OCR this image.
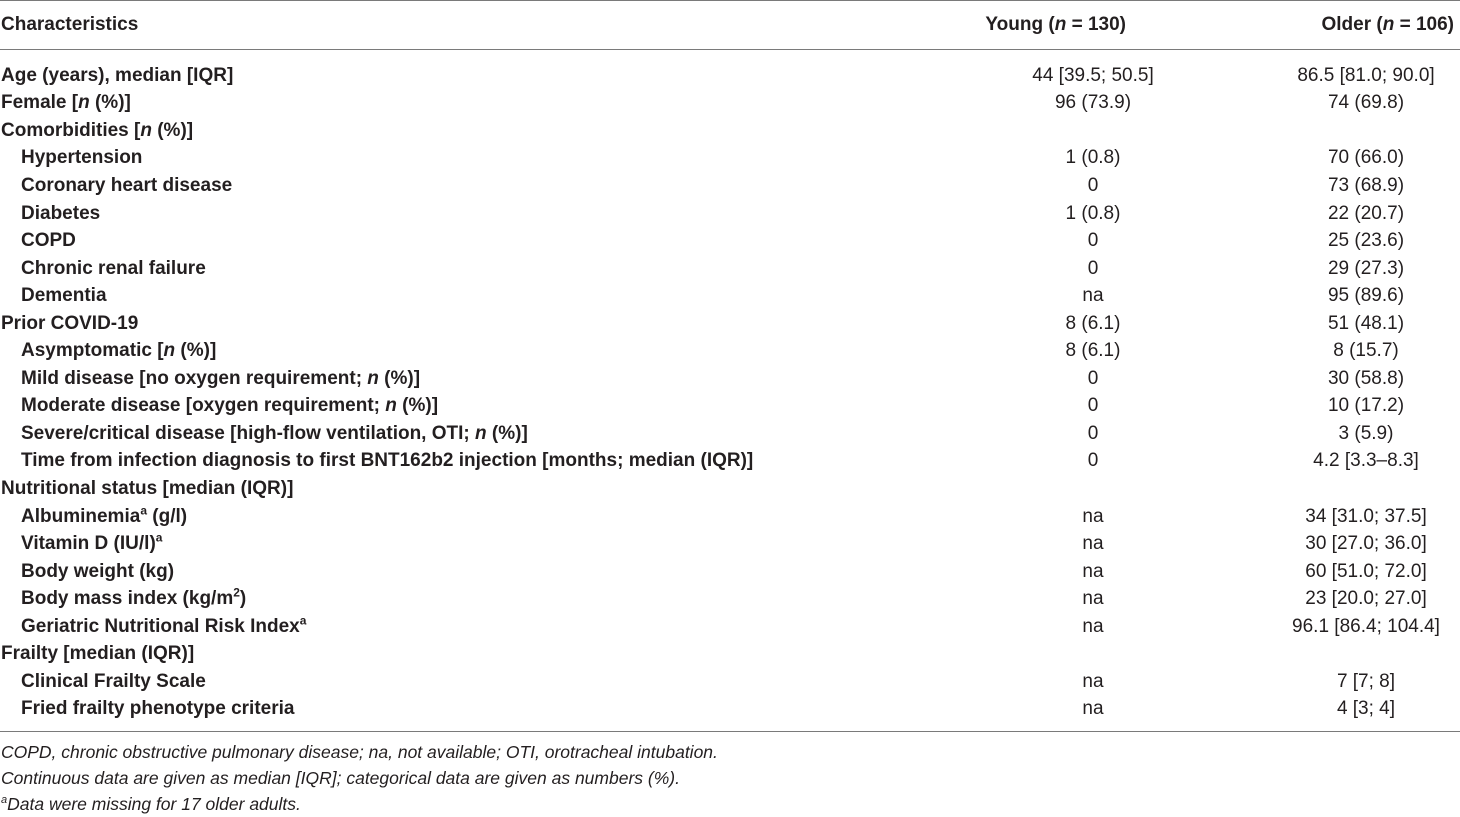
Characteristics	Young (n = 130)	Older (n = 106)

Age (years), median [IQR]	44 [39.5; 50.5]	86.5 [81.0; 90.0]
Female [n (%)]	96 (73.9)	74 (69.8)
Comorbidities [n (%)]		
Hypertension	1 (0.8)	70 (66.0)
Coronary heart disease	0	73 (68.9)
Diabetes	1 (0.8)	22 (20.7)
COPD	0	25 (23.6)
Chronic renal failure	0	29 (27.3)
Dementia	na	95 (89.6)
Prior COVID-19	8 (6.1)	51 (48.1)
Asymptomatic [n (%)]	8 (6.1)	8 (15.7)
Mild disease [no oxygen requirement; n (%)]	0	30 (58.8)
Moderate disease [oxygen requirement; n (%)]	0	10 (17.2)
Severe/critical disease [high-flow ventilation, OTI; n (%)]	0	3 (5.9)
Time from infection diagnosis to first BNT162b2 injection [months; median (IQR)]	0	4.2 [3.3–8.3]
Nutritional status [median (IQR)]		
Albuminemia$^a$ (g/l)	na	34 [31.0; 37.5]
Vitamin D (IU/l)$^a$	na	30 [27.0; 36.0]
Body weight (kg)	na	60 [51.0; 72.0]
Body mass index (kg/m$^2$)	na	23 [20.0; 27.0]
Geriatric Nutritional Risk Index$^a$	na	96.1 [86.4; 104.4]
Frailty [median (IQR)]		
Clinical Frailty Scale	na	7 [7; 8]
Fried frailty phenotype criteria	na	4 [3; 4]

COPD, chronic obstructive pulmonary disease; na, not available; OTI, orotracheal intubation.
Continuous data are given as median [IQR]; categorical data are given as numbers (%).
$^a$Data were missing for 17 older adults.
